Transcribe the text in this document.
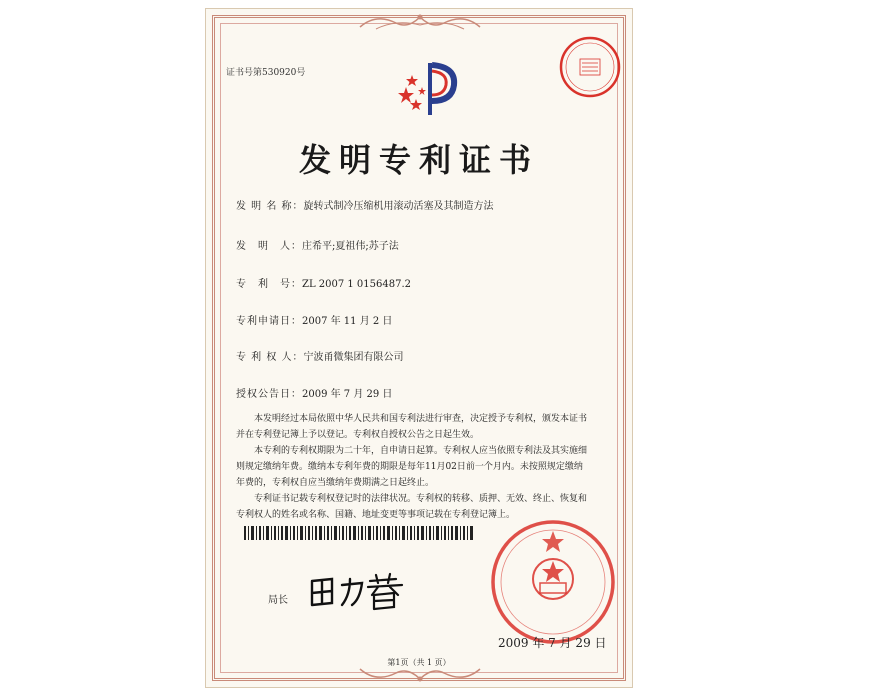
证书号第530920号
发明专利证书
发 明 名 称：旋转式制冷压缩机用滚动活塞及其制造方法
发　明　人：庄希平;夏祖伟;苏子法
专　利　号：ZL 2007 1 0156487.2
专利申请日：2007 年 11 月 2 日
专 利 权 人：宁波甬微集团有限公司
授权公告日：2009 年 7 月 29 日
　　本发明经过本局依照中华人民共和国专利法进行审查，决定授予专利权，颁发本证书
并在专利登记簿上予以登记。专利权自授权公告之日起生效。
　　本专利的专利权期限为二十年，自申请日起算。专利权人应当依照专利法及其实施细
则规定缴纳年费。缴纳本专利年费的期限是每年11月02日前一个月内。未按照规定缴纳
年费的，专利权自应当缴纳年费期满之日起终止。
　　专利证书记载专利权登记时的法律状况。专利权的转移、质押、无效、终止、恢复和
专利权人的姓名或名称、国籍、地址变更等事项记载在专利登记簿上。
局长
2009 年 7 月 29 日
第1页（共 1 页）
